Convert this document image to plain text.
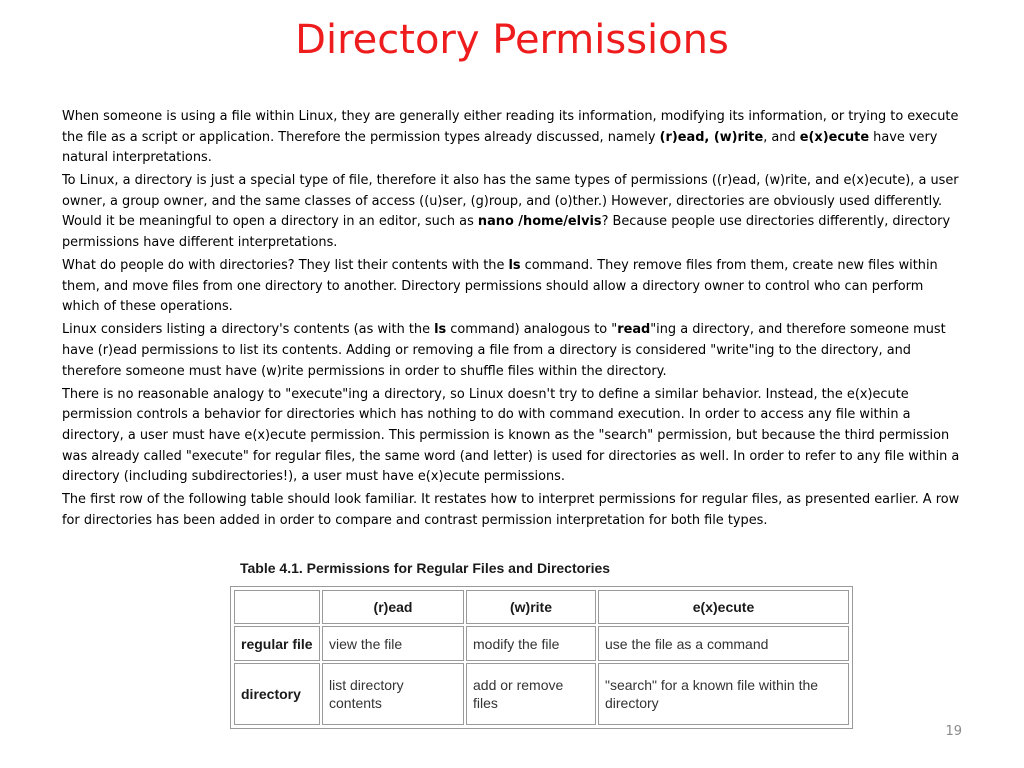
Directory Permissions

When someone is using a file within Linux, they are generally either reading its information, modifying its information, or trying to execute the file as a script or application. Therefore the permission types already discussed, namely (r)ead, (w)rite, and e(x)ecute have very natural interpretations.

To Linux, a directory is just a special type of file, therefore it also has the same types of permissions ((r)ead, (w)rite, and e(x)ecute), a user owner, a group owner, and the same classes of access ((u)ser, (g)roup, and (o)ther.) However, directories are obviously used differently. Would it be meaningful to open a directory in an editor, such as nano /home/elvis? Because people use directories differently, directory permissions have different interpretations.

What do people do with directories? They list their contents with the ls command. They remove files from them, create new files within them, and move files from one directory to another. Directory permissions should allow a directory owner to control who can perform which of these operations.

Linux considers listing a directory's contents (as with the ls command) analogous to "read"ing a directory, and therefore someone must have (r)ead permissions to list its contents. Adding or removing a file from a directory is considered "write"ing to the directory, and therefore someone must have (w)rite permissions in order to shuffle files within the directory.

There is no reasonable analogy to "execute"ing a directory, so Linux doesn't try to define a similar behavior. Instead, the e(x)ecute permission controls a behavior for directories which has nothing to do with command execution. In order to access any file within a directory, a user must have e(x)ecute permission. This permission is known as the "search" permission, but because the third permission was already called "execute" for regular files, the same word (and letter) is used for directories as well. In order to refer to any file within a directory (including subdirectories!), a user must have e(x)ecute permissions.

The first row of the following table should look familiar. It restates how to interpret permissions for regular files, as presented earlier. A row for directories has been added in order to compare and contrast permission interpretation for both file types.

Table 4.1. Permissions for Regular Files and Directories
	(r)ead	(w)rite	e(x)ecute
regular file	view the file	modify the file	use the file as a command
directory	list directory contents	add or remove files	"search" for a known file within the directory
19
